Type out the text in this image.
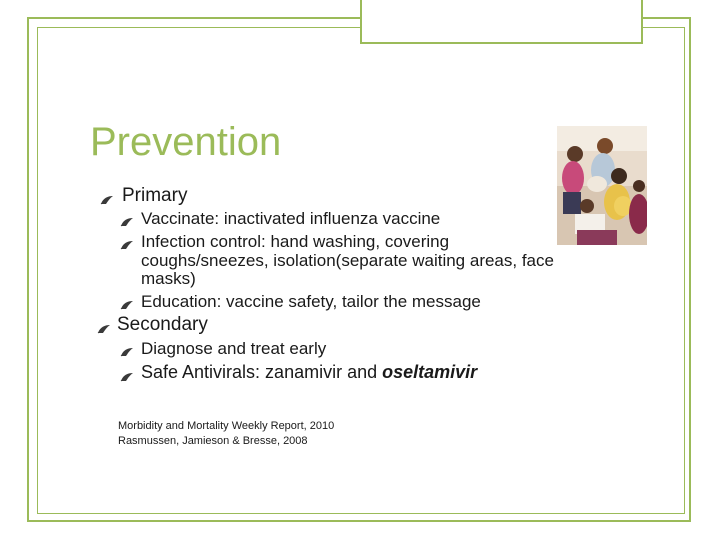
Prevention
Primary
Vaccinate: inactivated influenza vaccine
Infection control: hand washing, covering
coughs/sneezes, isolation(separate waiting areas, face masks)
Education: vaccine safety, tailor the message
Secondary
Diagnose and treat early
Safe Antivirals: zanamivir and oseltamivir
Morbidity and Mortality Weekly Report, 2010
Rasmussen, Jamieson & Bresse, 2008
